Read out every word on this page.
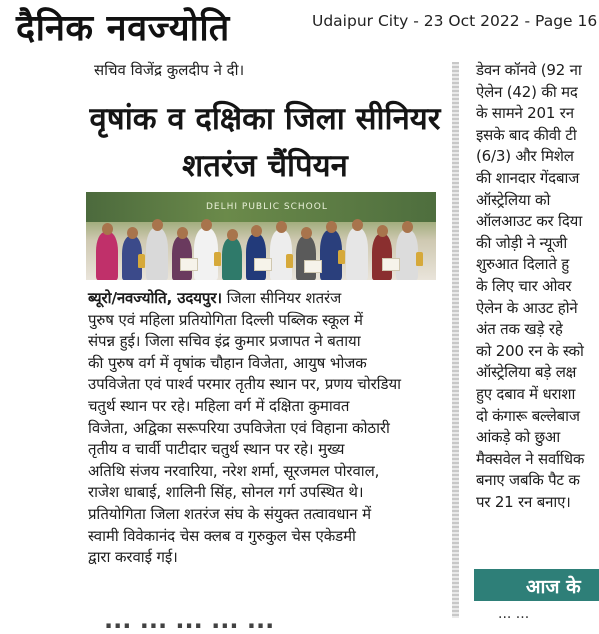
दैनिक नवज्योति	Udaipur City - 23 Oct 2022 - Page 16
सचिव विजेंद्र कुलदीप ने दी।
वृषांक व दक्षिका जिला सीनियर
शतरंज चैंपियन
DELHI PUBLIC SCHOOL
ब्यूरो/नवज्योति, उदयपुर। जिला सीनियर शतरंज
पुरुष एवं महिला प्रतियोगिता दिल्ली पब्लिक स्कूल में
संपन्न हुई। जिला सचिव इंद्र कुमार प्रजापत ने बताया
की पुरुष वर्ग में वृषांक चौहान विजेता, आयुष भोजक
उपविजेता एवं पार्श्व परमार तृतीय स्थान पर, प्रणय चोरडिया
चतुर्थ स्थान पर रहे। महिला वर्ग में दक्षिता कुमावत
विजेता, अद्विका सरूपरिया उपविजेता एवं विहाना कोठारी
तृतीय व चार्वी पाटीदार चतुर्थ स्थान पर रहे। मुख्य
अतिथि संजय नरवारिया, नरेश शर्मा, सूरजमल पोरवाल,
राजेश धाबाई, शालिनी सिंह, सोनल गर्ग उपस्थित थे।
प्रतियोगिता जिला शतरंज संघ के संयुक्त तत्वावधान में
स्वामी विवेकानंद चेस क्लब व गुरुकुल चेस एकेडमी
द्वारा करवाई गई।
... ... ... ... ...
डेवन कॉनवे (92 ना
ऐलेन (42) की मद
के सामने 201 रन
इसके बाद कीवी टी
(6/3) और मिशेल
की शानदार गेंदबाज
ऑस्ट्रेलिया को
ऑलआउट कर दिया
की जोड़ी ने न्यूजी
शुरुआत दिलाते हु
के लिए चार ओवर
ऐलेन के आउट होने
अंत तक खड़े रहे
को 200 रन के स्को
ऑस्ट्रेलिया बड़े लक्ष
हुए दबाव में धराशा
दो कंगारू बल्लेबाज
आंकड़े को छुआ
मैक्सवेल ने सर्वाधिक
बनाए जबकि पैट क
पर 21 रन बनाए।
आज के
... ...
